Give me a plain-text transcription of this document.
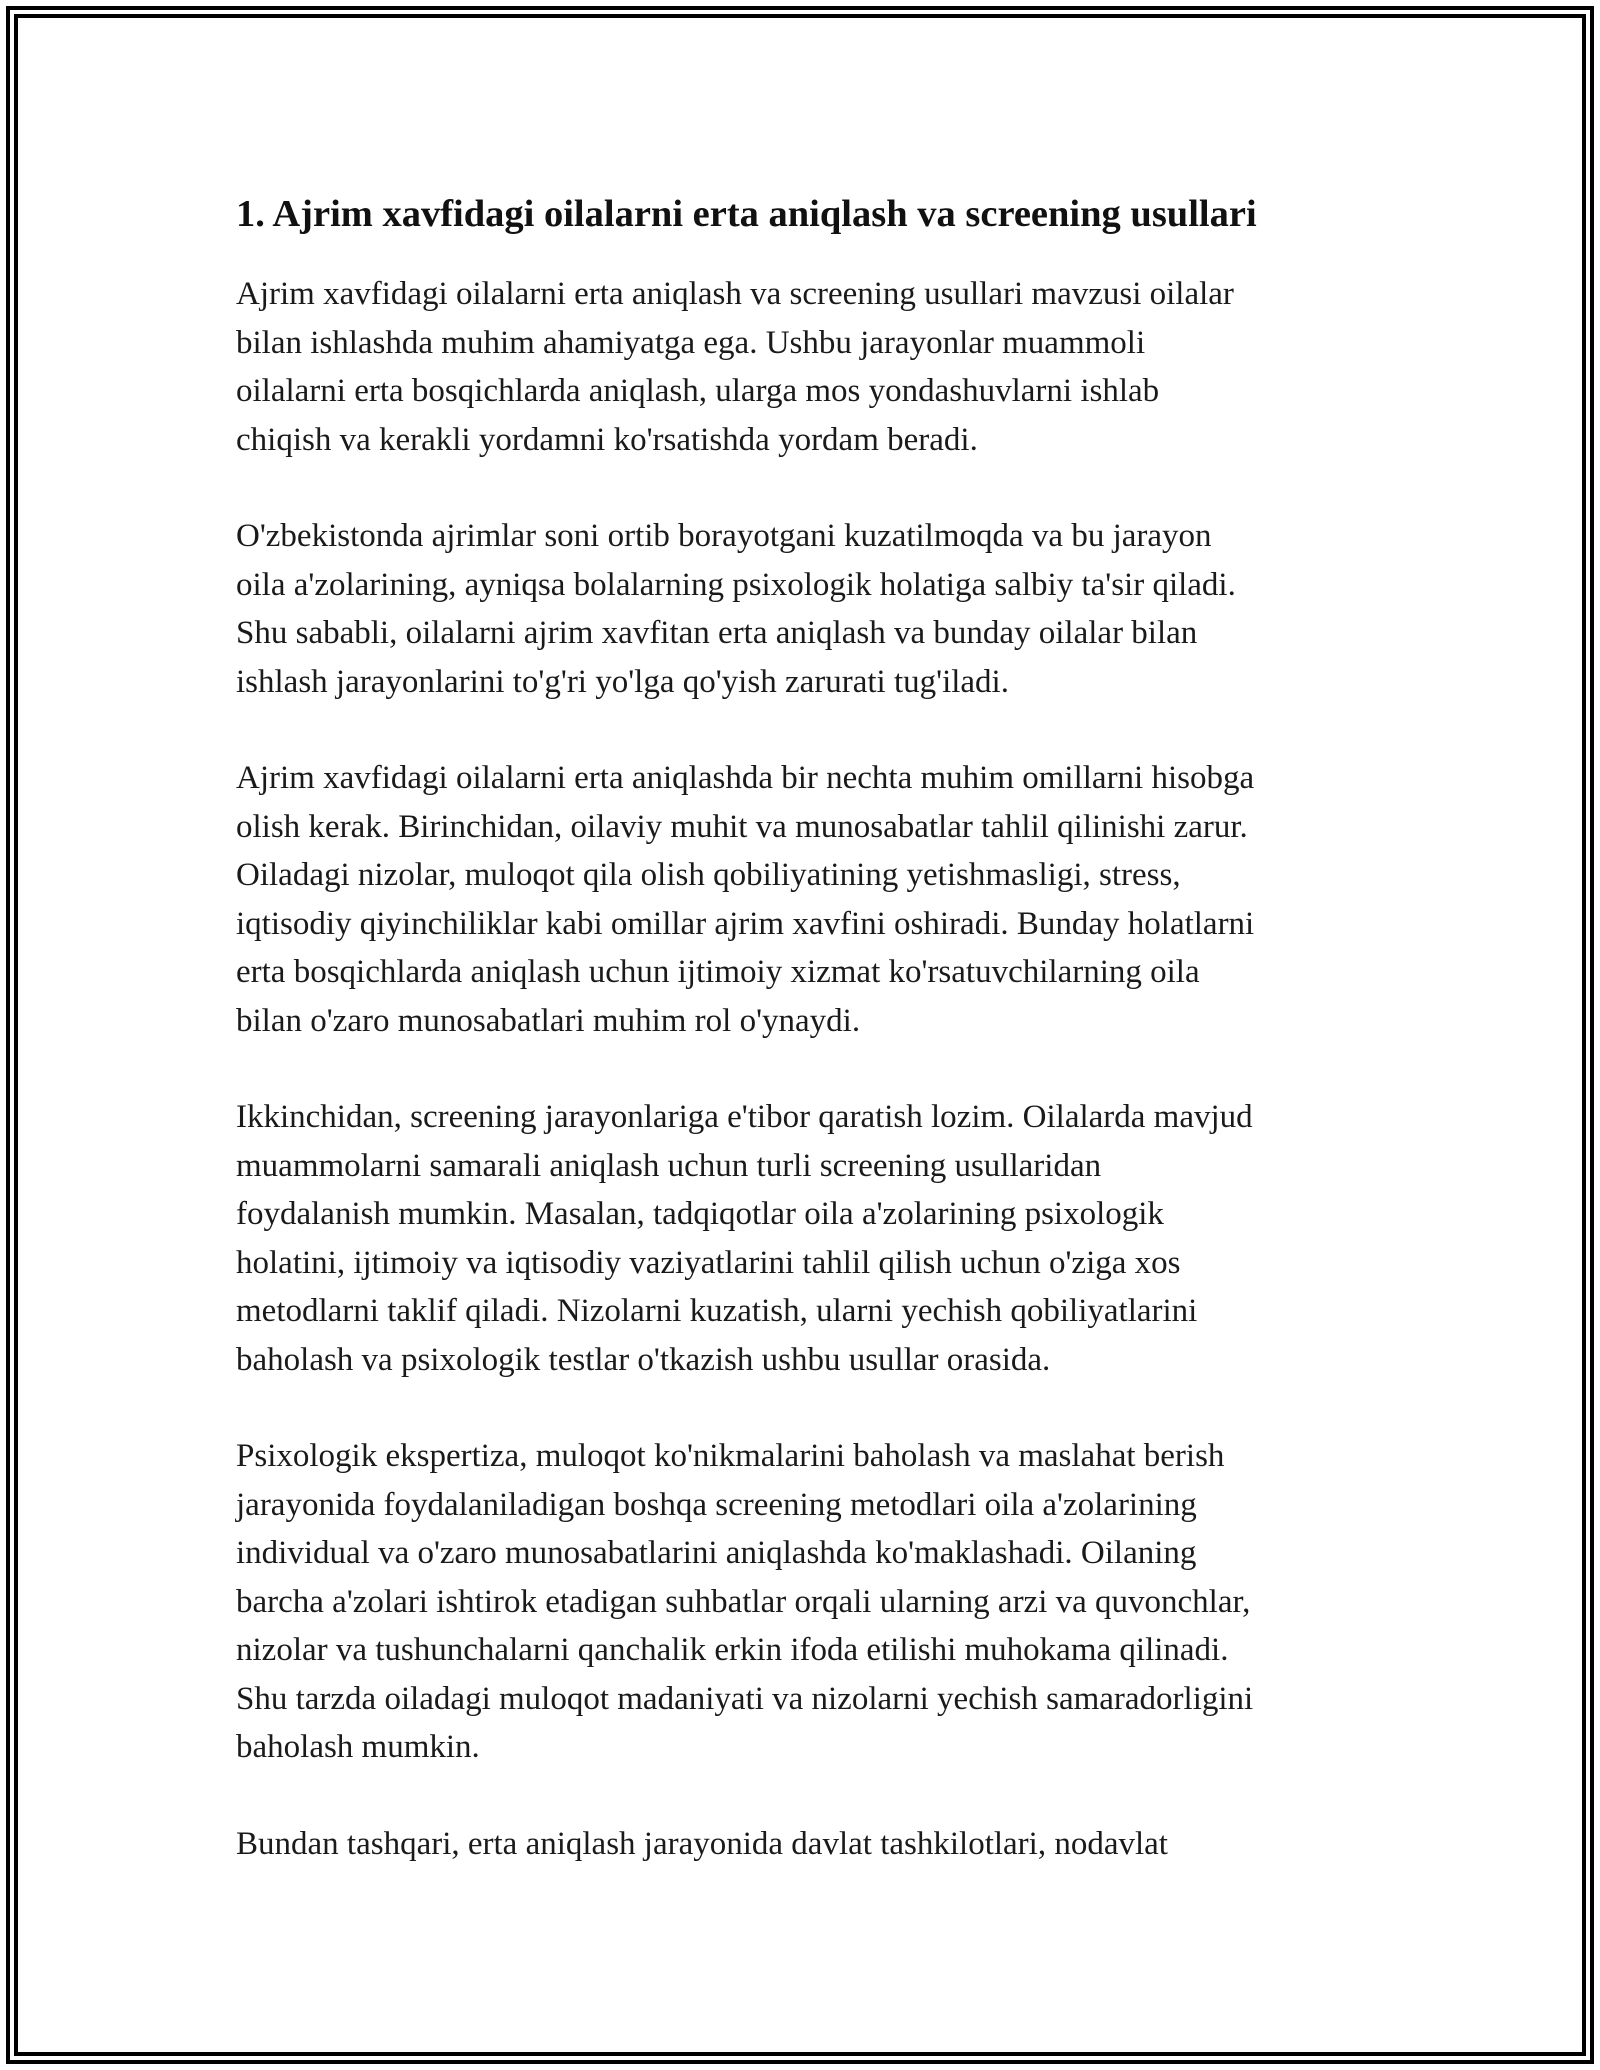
1. Ajrim xavfidagi oilalarni erta aniqlash va screening usullari

Ajrim xavfidagi oilalarni erta aniqlash va screening usullari mavzusi oilalar
bilan ishlashda muhim ahamiyatga ega. Ushbu jarayonlar muammoli
oilalarni erta bosqichlarda aniqlash, ularga mos yondashuvlarni ishlab
chiqish va kerakli yordamni ko'rsatishda yordam beradi.

O'zbekistonda ajrimlar soni ortib borayotgani kuzatilmoqda va bu jarayon
oila a'zolarining, ayniqsa bolalarning psixologik holatiga salbiy ta'sir qiladi.
Shu sababli, oilalarni ajrim xavfitan erta aniqlash va bunday oilalar bilan
ishlash jarayonlarini to'g'ri yo'lga qo'yish zarurati tug'iladi.

Ajrim xavfidagi oilalarni erta aniqlashda bir nechta muhim omillarni hisobga
olish kerak. Birinchidan, oilaviy muhit va munosabatlar tahlil qilinishi zarur.
Oiladagi nizolar, muloqot qila olish qobiliyatining yetishmasligi, stress,
iqtisodiy qiyinchiliklar kabi omillar ajrim xavfini oshiradi. Bunday holatlarni
erta bosqichlarda aniqlash uchun ijtimoiy xizmat ko'rsatuvchilarning oila
bilan o'zaro munosabatlari muhim rol o'ynaydi.

Ikkinchidan, screening jarayonlariga e'tibor qaratish lozim. Oilalarda mavjud
muammolarni samarali aniqlash uchun turli screening usullaridan
foydalanish mumkin. Masalan, tadqiqotlar oila a'zolarining psixologik
holatini, ijtimoiy va iqtisodiy vaziyatlarini tahlil qilish uchun o'ziga xos
metodlarni taklif qiladi. Nizolarni kuzatish, ularni yechish qobiliyatlarini
baholash va psixologik testlar o'tkazish ushbu usullar orasida.

Psixologik ekspertiza, muloqot ko'nikmalarini baholash va maslahat berish
jarayonida foydalaniladigan boshqa screening metodlari oila a'zolarining
individual va o'zaro munosabatlarini aniqlashda ko'maklashadi. Oilaning
barcha a'zolari ishtirok etadigan suhbatlar orqali ularning arzi va quvonchlar,
nizolar va tushunchalarni qanchalik erkin ifoda etilishi muhokama qilinadi.
Shu tarzda oiladagi muloqot madaniyati va nizolarni yechish samaradorligini
baholash mumkin.

Bundan tashqari, erta aniqlash jarayonida davlat tashkilotlari, nodavlat
